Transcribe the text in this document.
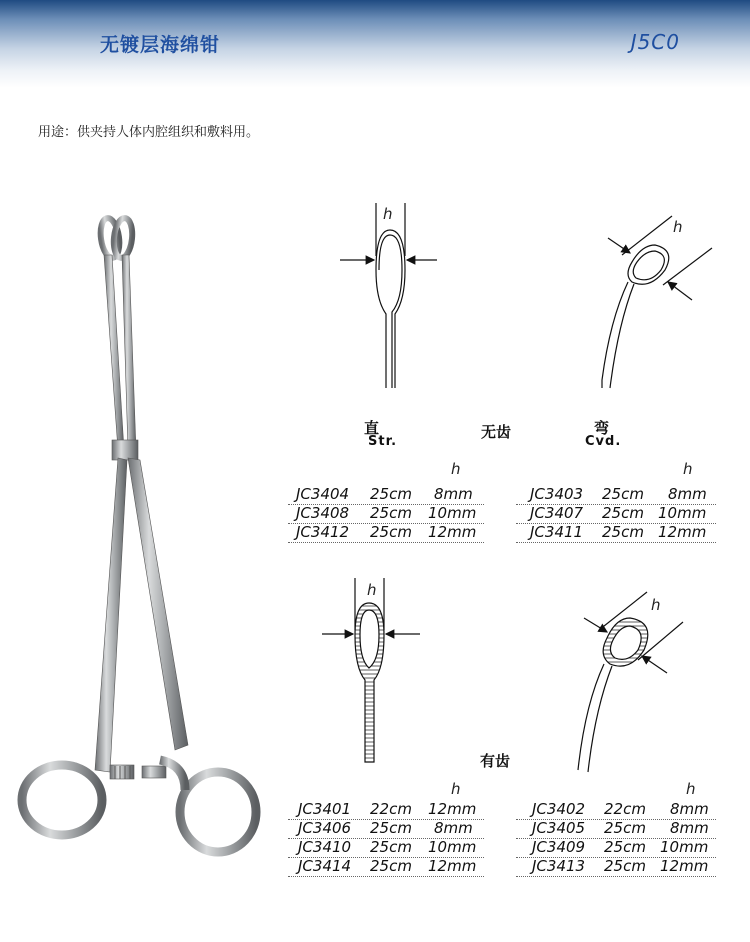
无镀层海绵钳	J5C0
用途：供夹持人体内腔组织和敷料用。
h
h
h
h
直
Str.
无齿	弯
Cvd.
有齿
h	h
h	h
JC3404 25cm 8mm
JC3408 25cm 10mm
JC3412 25cm 12mm
JC3403 25cm 8mm
JC3407 25cm 10mm
JC3411 25cm 12mm
JC3401 22cm 12mm
JC3406 25cm 8mm
JC3410 25cm 10mm
JC3414 25cm 12mm
JC3402 22cm 8mm
JC3405 25cm 8mm
JC3409 25cm 10mm
JC3413 25cm 12mm
